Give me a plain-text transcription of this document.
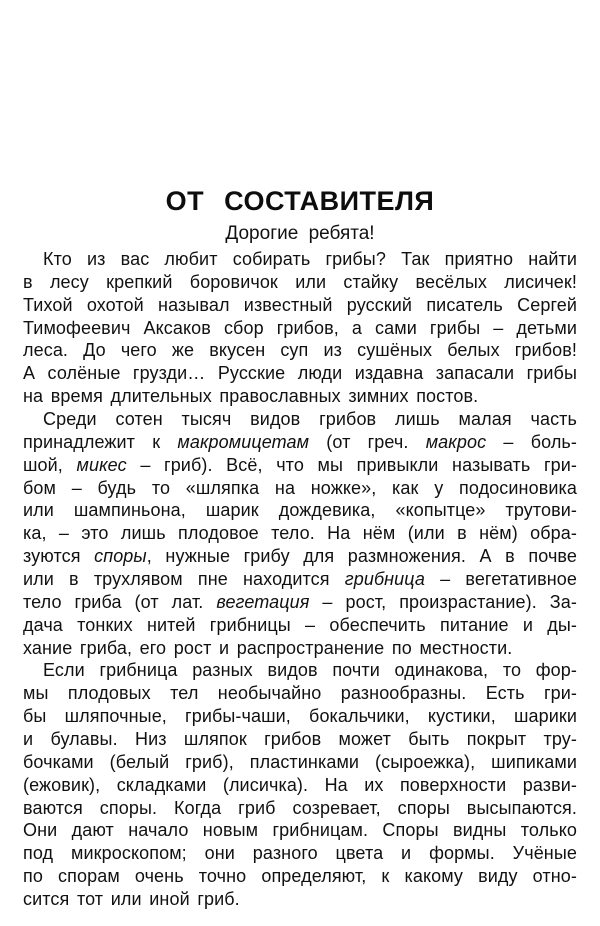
ОТ СОСТАВИТЕЛЯ
Дорогие ребята!
Кто из вас любит собирать грибы? Так приятно найти
в лесу крепкий боровичок или стайку весёлых лисичек!
Тихой охотой называл известный русский писатель Сергей
Тимофеевич Аксаков сбор грибов, а сами грибы – детьми
леса. До чего же вкусен суп из сушёных белых грибов!
А солёные грузди… Русские люди издавна запасали грибы
на время длительных православных зимних постов.
Среди сотен тысяч видов грибов лишь малая часть
принадлежит к макромицетам (от греч. макрос – боль-
шой, микес – гриб). Всё, что мы привыкли называть гри-
бом – будь то «шляпка на ножке», как у подосиновика
или шампиньона, шарик дождевика, «копытце» трутови-
ка, – это лишь плодовое тело. На нём (или в нём) обра-
зуются споры, нужные грибу для размножения. А в почве
или в трухлявом пне находится грибница – вегетативное
тело гриба (от лат. вегетация – рост, произрастание). За-
дача тонких нитей грибницы – обеспечить питание и ды-
хание гриба, его рост и распространение по местности.
Если грибница разных видов почти одинакова, то фор-
мы плодовых тел необычайно разнообразны. Есть гри-
бы шляпочные, грибы-чаши, бокальчики, кустики, шарики
и булавы. Низ шляпок грибов может быть покрыт тру-
бочками (белый гриб), пластинками (сыроежка), шипиками
(ежовик), складками (лисичка). На их поверхности разви-
ваются споры. Когда гриб созревает, споры высыпаются.
Они дают начало новым грибницам. Споры видны только
под микроскопом; они разного цвета и формы. Учёные
по спорам очень точно определяют, к какому виду отно-
сится тот или иной гриб.
